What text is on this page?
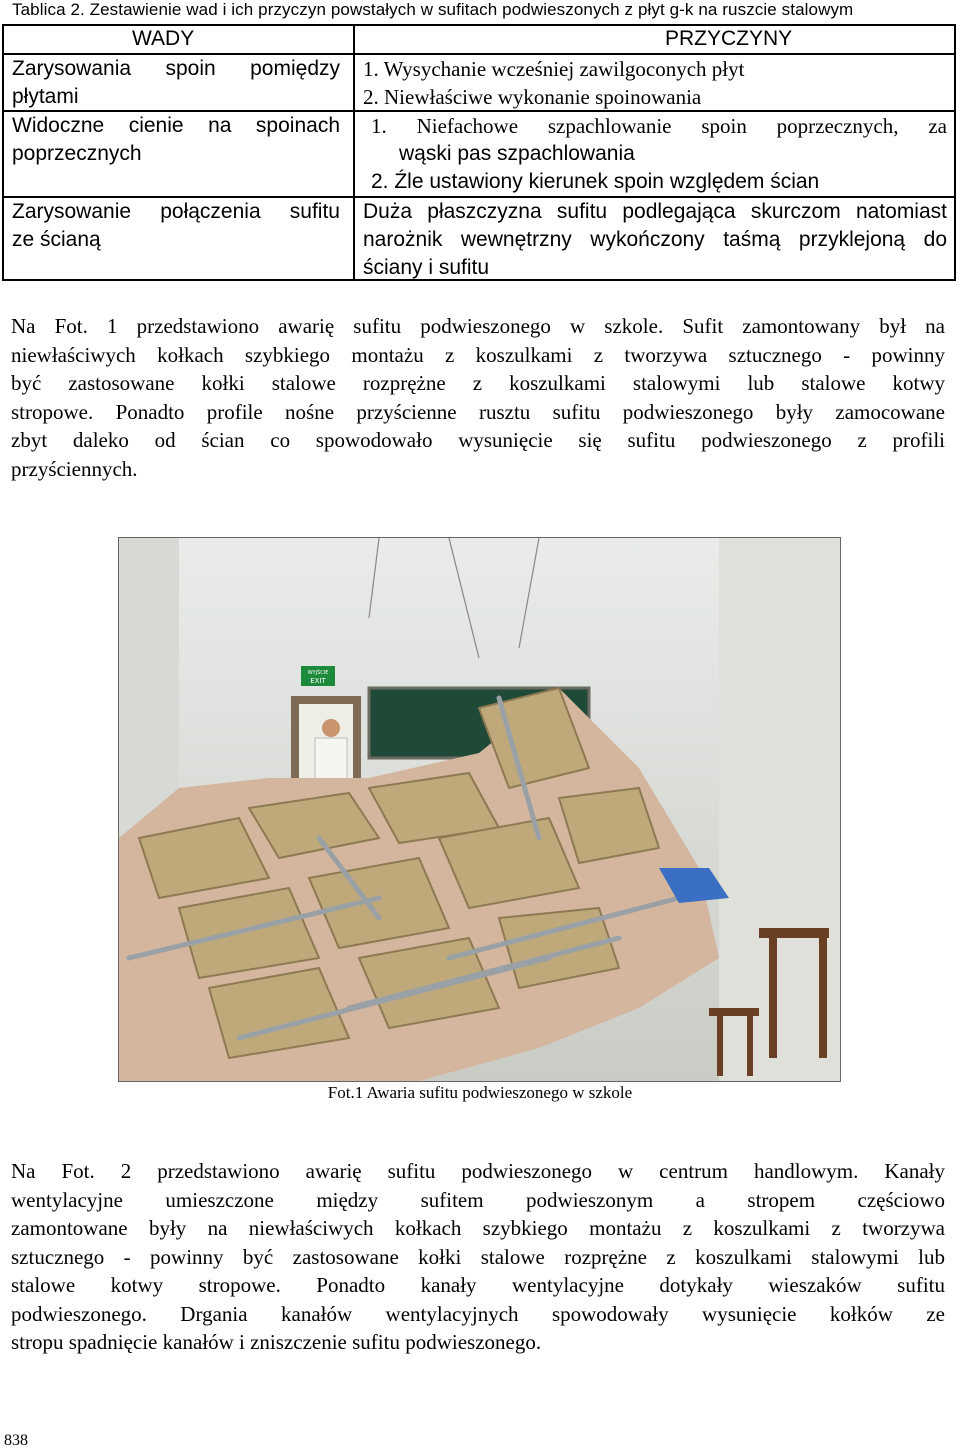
Tablica 2. Zestawienie wad i ich przyczyn powstałych w sufitach podwieszonych z płyt g-k na ruszcie stalowym
WADY	PRZYCZYNY
Zarysowania spoin pomiędzy
płytami
1. Wysychanie wcześniej zawilgoconych płyt
2. Niewłaściwe wykonanie spoinowania
Widoczne cienie na spoinach
poprzecznych
1. Niefachowe szpachlowanie spoin poprzecznych, za
wąski pas szpachlowania
2. Źle ustawiony kierunek spoin względem ścian
Zarysowanie połączenia sufitu
ze ścianą
Duża płaszczyzna sufitu podlegająca skurczom natomiast
narożnik wewnętrzny wykończony taśmą przyklejoną do
ściany i sufitu
Na Fot. 1 przedstawiono awarię sufitu podwieszonego w szkole. Sufit zamontowany był na
niewłaściwych kołkach szybkiego montażu z koszulkami z tworzywa sztucznego - powinny
być zastosowane kołki stalowe rozprężne z koszulkami stalowymi lub stalowe kotwy
stropowe. Ponadto profile nośne przyścienne rusztu sufitu podwieszonego były zamocowane
zbyt daleko od ścian co spowodowało wysunięcie się sufitu podwieszonego z profili
przyściennych.
WYJŚCIE
EXIT
Fot.1 Awaria sufitu podwieszonego w szkole
Na Fot. 2 przedstawiono awarię sufitu podwieszonego w centrum handlowym. Kanały
wentylacyjne umieszczone między sufitem podwieszonym a stropem częściowo
zamontowane były na niewłaściwych kołkach szybkiego montażu z koszulkami z tworzywa
sztucznego - powinny być zastosowane kołki stalowe rozprężne z koszulkami stalowymi lub
stalowe kotwy stropowe. Ponadto kanały wentylacyjne dotykały wieszaków sufitu
podwieszonego. Drgania kanałów wentylacyjnych spowodowały wysunięcie kołków ze
stropu spadnięcie kanałów i zniszczenie sufitu podwieszonego.
838
